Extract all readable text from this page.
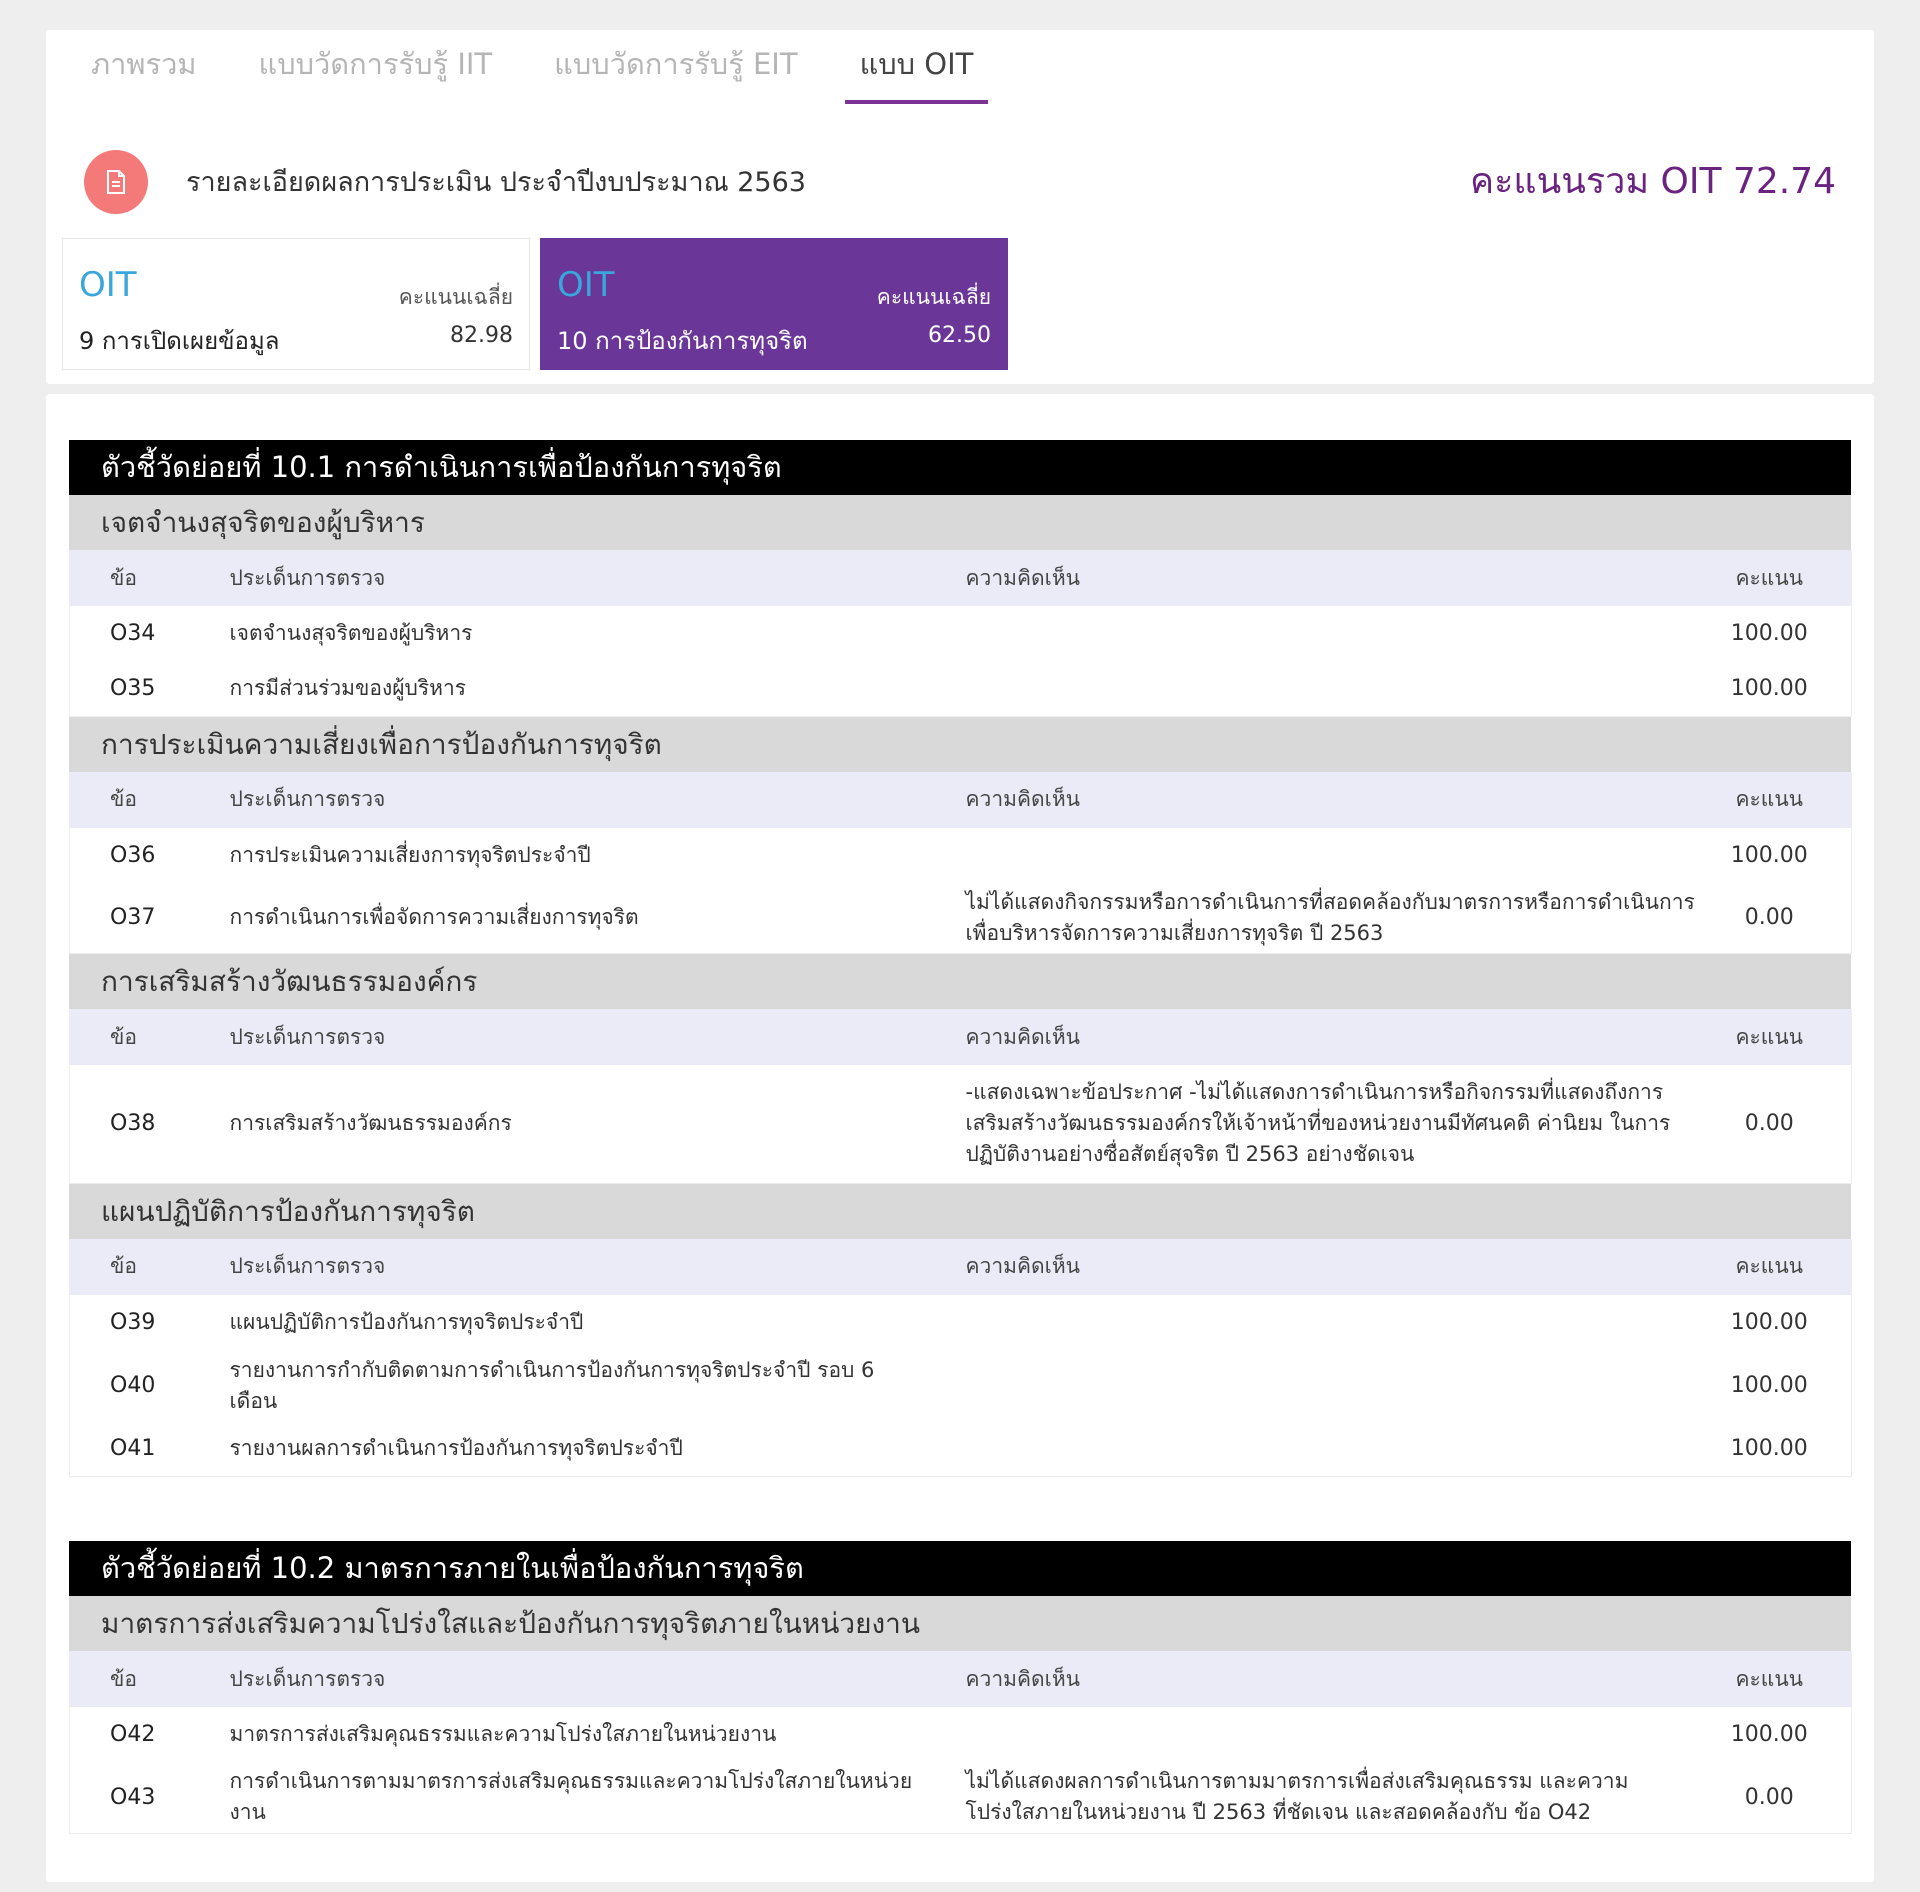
ภาพรวม	แบบวัดการรับรู้ IIT	แบบวัดการรับรู้ EIT	แบบ OIT
รายละเอียดผลการประเมิน ประจำปีงบประมาณ 2563	คะแนนรวม OIT 72.74
OIT	คะแนนเฉลี่ย
9 การเปิดเผยข้อมูล	82.98
OIT	คะแนนเฉลี่ย
10 การป้องกันการทุจริต	62.50
ตัวชี้วัดย่อยที่ 10.1 การดำเนินการเพื่อป้องกันการทุจริต
เจตจำนงสุจริตของผู้บริหาร
ข้อ	ประเด็นการตรวจ	ความคิดเห็น	คะแนน
O34	เจตจำนงสุจริตของผู้บริหาร		100.00
O35	การมีส่วนร่วมของผู้บริหาร		100.00
การประเมินความเสี่ยงเพื่อการป้องกันการทุจริต
ข้อ	ประเด็นการตรวจ	ความคิดเห็น	คะแนน
O36	การประเมินความเสี่ยงการทุจริตประจำปี		100.00
O37	การดำเนินการเพื่อจัดการความเสี่ยงการทุจริต	ไม่ได้แสดงกิจกรรมหรือการดำเนินการที่สอดคล้องกับมาตรการหรือการดำเนินการเพื่อบริหารจัดการความเสี่ยงการทุจริต ปี 2563	0.00
การเสริมสร้างวัฒนธรรมองค์กร
ข้อ	ประเด็นการตรวจ	ความคิดเห็น	คะแนน
O38	การเสริมสร้างวัฒนธรรมองค์กร	-แสดงเฉพาะข้อประกาศ -ไม่ได้แสดงการดำเนินการหรือกิจกรรมที่แสดงถึงการเสริมสร้างวัฒนธรรมองค์กรให้เจ้าหน้าที่ของหน่วยงานมีทัศนคติ ค่านิยม ในการปฏิบัติงานอย่างซื่อสัตย์สุจริต ปี 2563 อย่างชัดเจน	0.00
แผนปฏิบัติการป้องกันการทุจริต
ข้อ	ประเด็นการตรวจ	ความคิดเห็น	คะแนน
O39	แผนปฏิบัติการป้องกันการทุจริตประจำปี		100.00
O40	รายงานการกำกับติดตามการดำเนินการป้องกันการทุจริตประจำปี รอบ 6 เดือน		100.00
O41	รายงานผลการดำเนินการป้องกันการทุจริตประจำปี		100.00
ตัวชี้วัดย่อยที่ 10.2 มาตรการภายในเพื่อป้องกันการทุจริต
มาตรการส่งเสริมความโปร่งใสและป้องกันการทุจริตภายในหน่วยงาน
ข้อ	ประเด็นการตรวจ	ความคิดเห็น	คะแนน
O42	มาตรการส่งเสริมคุณธรรมและความโปร่งใสภายในหน่วยงาน		100.00
O43	การดำเนินการตามมาตรการส่งเสริมคุณธรรมและความโปร่งใสภายในหน่วยงาน	ไม่ได้แสดงผลการดำเนินการตามมาตรการเพื่อส่งเสริมคุณธรรม และความโปร่งใสภายในหน่วยงาน ปี 2563 ที่ชัดเจน และสอดคล้องกับ ข้อ O42	0.00
